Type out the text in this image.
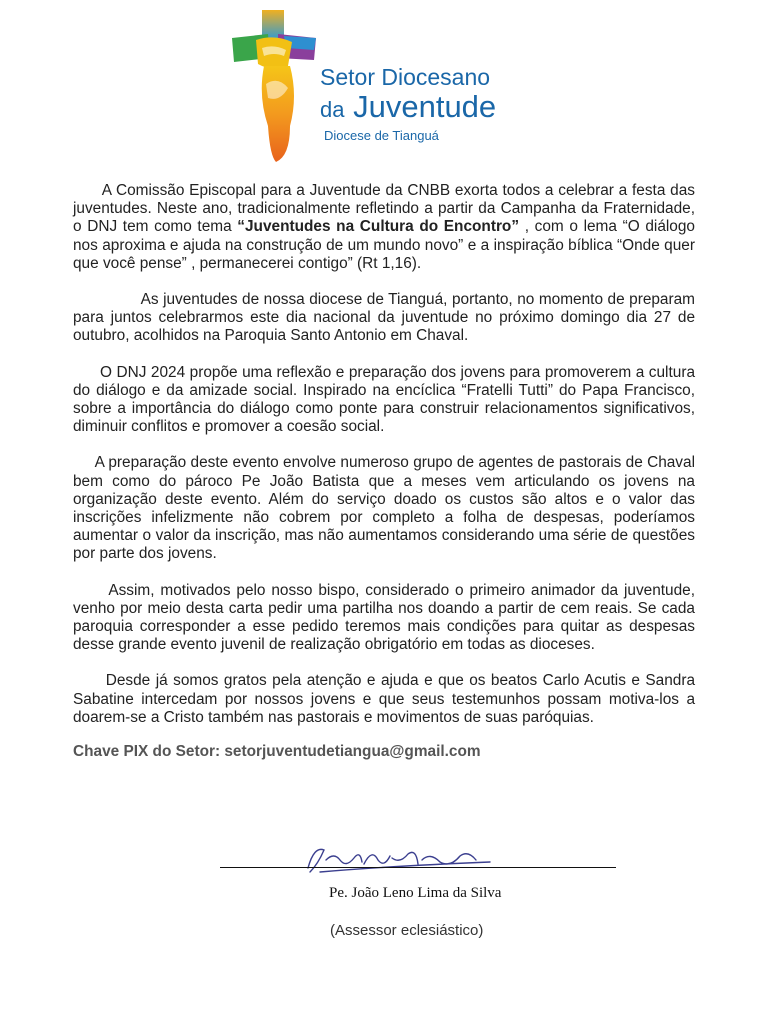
Setor Diocesano
da Juventude
Diocese de Tianguá

A Comissão Episcopal para a Juventude da CNBB exorta todos a celebrar a festa das juventudes. Neste ano, tradicionalmente refletindo a partir da Campanha da Fraternidade, o DNJ tem como tema “Juventudes na Cultura do Encontro” , com o lema “O diálogo nos aproxima e ajuda na construção de um mundo novo” e a inspiração bíblica “Onde quer que você pense” , permanecerei contigo” (Rt 1,16).

As juventudes de nossa diocese de Tianguá, portanto, no momento de preparam para juntos celebrarmos este dia nacional da juventude no próximo domingo dia 27 de outubro, acolhidos na Paroquia Santo Antonio em Chaval.

O DNJ 2024 propõe uma reflexão e preparação dos jovens para promoverem a cultura do diálogo e da amizade social. Inspirado na encíclica “Fratelli Tutti” do Papa Francisco, sobre a importância do diálogo como ponte para construir relacionamentos significativos, diminuir conflitos e promover a coesão social.

A preparação deste evento envolve numeroso grupo de agentes de pastorais de Chaval bem como do pároco Pe João Batista que a meses vem articulando os jovens na organização deste evento. Além do serviço doado os custos são altos e o valor das inscrições infelizmente não cobrem por completo a folha de despesas, poderíamos aumentar o valor da inscrição, mas não aumentamos considerando uma série de questões por parte dos jovens.

Assim, motivados pelo nosso bispo, considerado o primeiro animador da juventude, venho por meio desta carta pedir uma partilha nos doando a partir de cem reais. Se cada paroquia corresponder a esse pedido teremos mais condições para quitar as despesas desse grande evento juvenil de realização obrigatório em todas as dioceses.

Desde já somos gratos pela atenção e ajuda e que os beatos Carlo Acutis e Sandra Sabatine intercedam por nossos jovens e que seus testemunhos possam motiva-los a doarem-se a Cristo também nas pastorais e movimentos de suas paróquias.

Chave PIX do Setor: setorjuventudetiangua@gmail.com

Pe. João Leno Lima da Silva
(Assessor eclesiástico)
